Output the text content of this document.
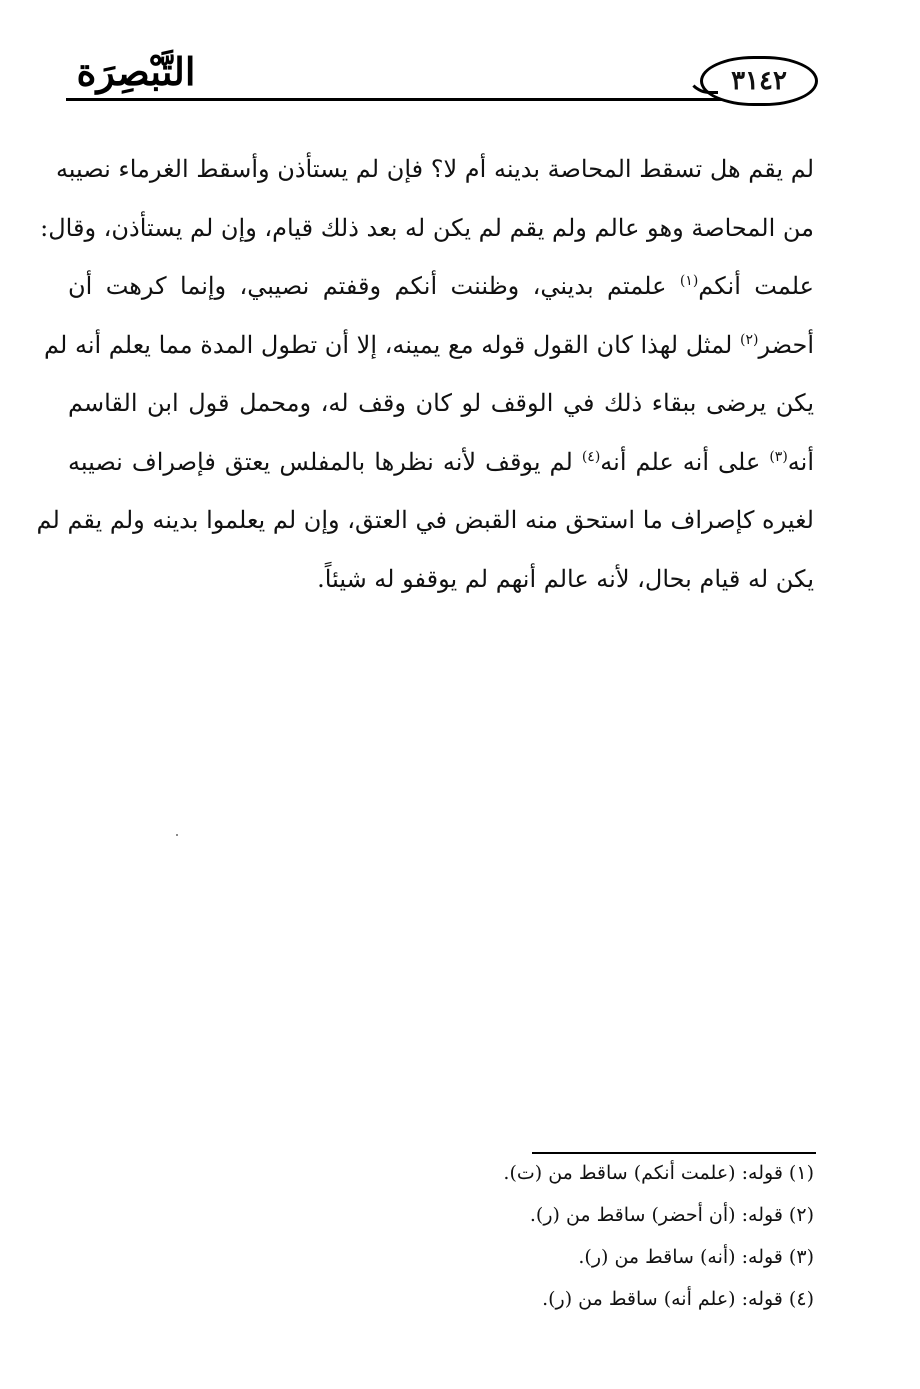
التَّبْصِرَة	٣١٤٢
لم يقم هل تسقط المحاصة بدينه أم لا؟ فإن لم يستأذن وأسقط الغرماء نصيبه
من المحاصة وهو عالم ولم يقم لم يكن له بعد ذلك قيام، وإن لم يستأذن، وقال:
علمت أنكم$^{(١)}$ علمتم بديني، وظننت أنكم وقفتم نصيبي، وإنما كرهت أن
أحضر$^{(٢)}$ لمثل لهذا كان القول قوله مع يمينه، إلا أن تطول المدة مما يعلم أنه لم
يكن يرضى ببقاء ذلك في الوقف لو كان وقف له، ومحمل قول ابن القاسم
أنه$^{(٣)}$ على أنه علم أنه$^{(٤)}$ لم يوقف لأنه نظرها بالمفلس يعتق فإصراف نصيبه
لغيره كإصراف ما استحق منه القبض في العتق، وإن لم يعلموا بدينه ولم يقم لم
يكن له قيام بحال، لأنه عالم أنهم لم يوقفو له شيئاً.
(١) قوله: (علمت أنكم) ساقط من (ت).
(٢) قوله: (أن أحضر) ساقط من (ر).
(٣) قوله: (أنه) ساقط من (ر).
(٤) قوله: (علم أنه) ساقط من (ر).
